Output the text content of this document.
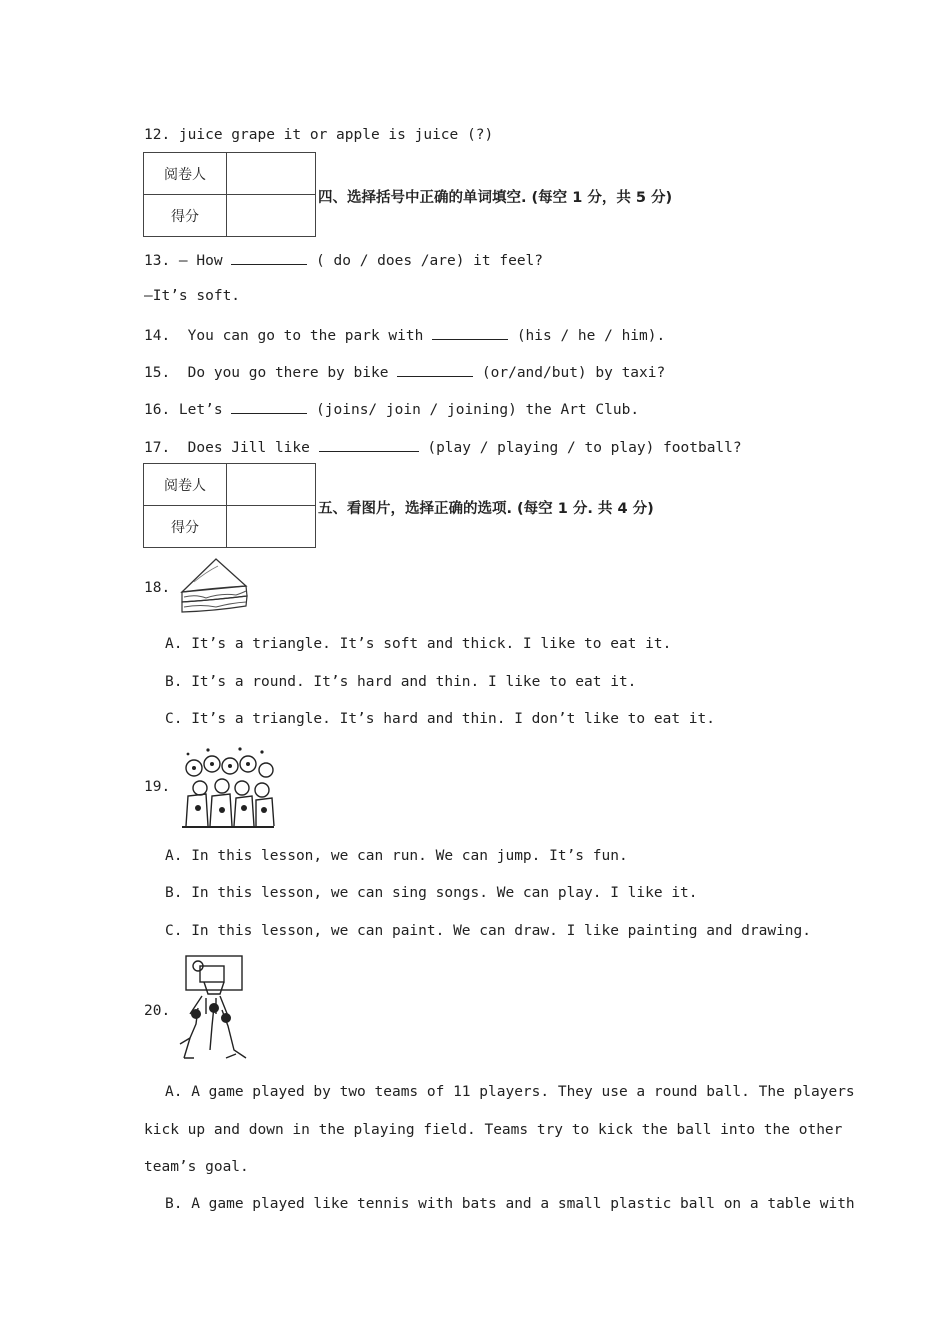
12. juice grape it or apple is juice (?)
阅卷人	
得分	
四、选择括号中正确的单词填空. (每空 1 分，共 5 分)
13. — How	( do / does /are) it feel?
—It’s soft.
14.  You can go to the park with	(his / he / him).
15.  Do you go there by bike	(or/and/but) by taxi?
16. Let’s	(joins/ join / joining) the Art Club.
17.  Does Jill like	(play / playing / to play) football?
阅卷人	
得分	
五、看图片，选择正确的选项. (每空 1 分. 共 4 分)
18.
A. It’s a triangle. It’s soft and thick. I like to eat it.
B. It’s a round. It’s hard and thin. I like to eat it.
C. It’s a triangle. It’s hard and thin. I don’t like to eat it.
19.
A. In this lesson, we can run. We can jump. It’s fun.
B. In this lesson, we can sing songs. We can play. I like it.
C. In this lesson, we can paint. We can draw. I like painting and drawing.
20.
A. A game played by two teams of 11 players. They use a round ball. The players
kick up and down in the playing field. Teams try to kick the ball into the other
team’s goal.
B. A game played like tennis with bats and a small plastic ball on a table with
